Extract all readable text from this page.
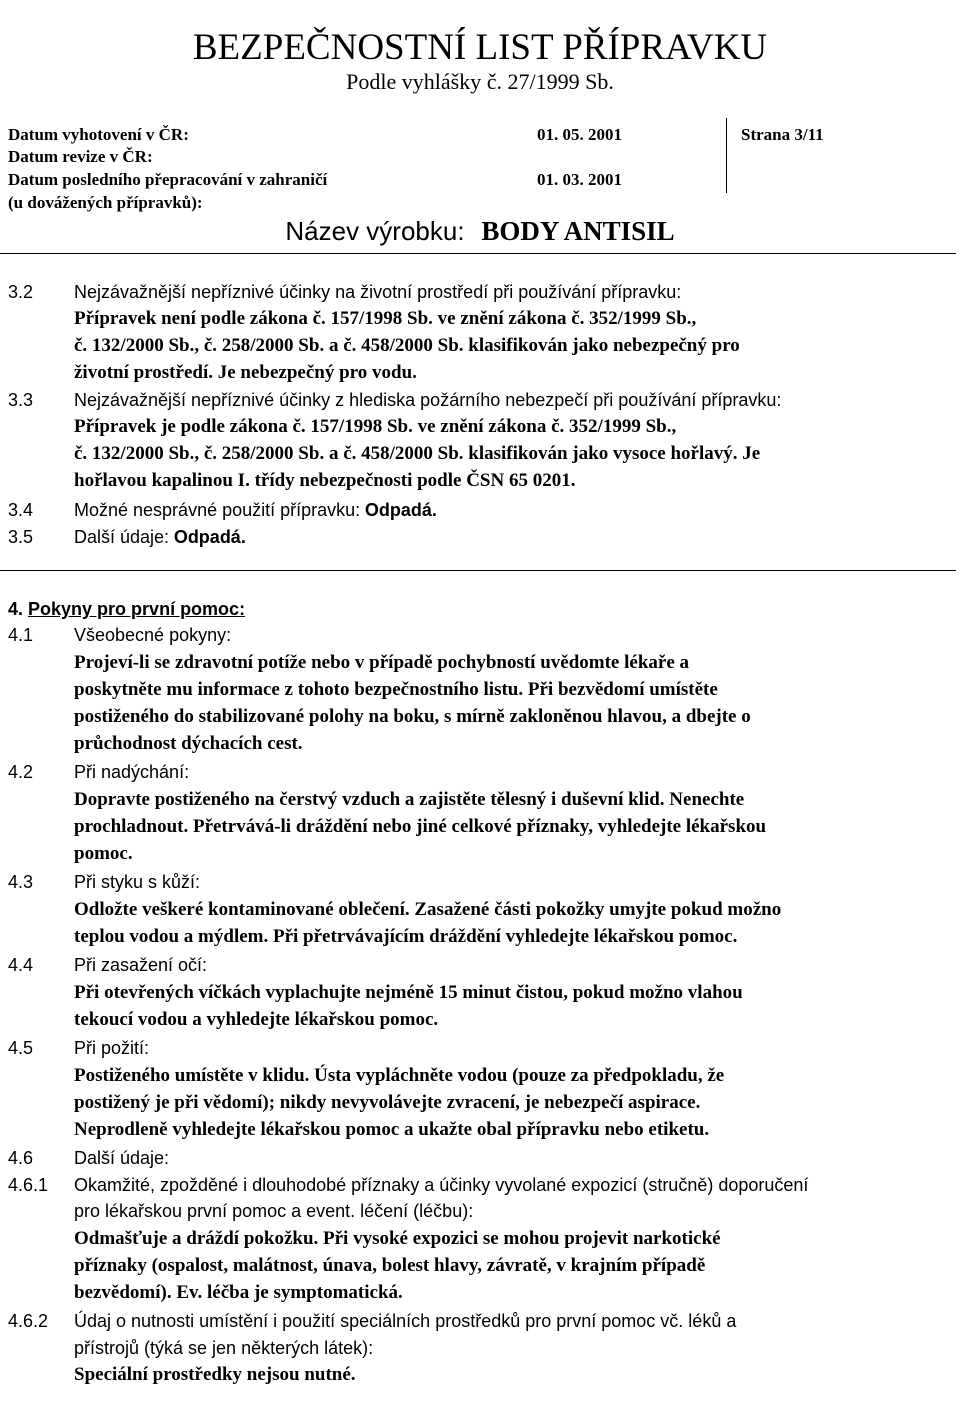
BEZPEČNOSTNÍ LIST PŘÍPRAVKU
Podle vyhlášky č. 27/1999 Sb.
Datum vyhotovení v ČR:	01. 05. 2001	Strana 3/11
Datum revize v ČR:
Datum posledního přepracování v zahraničí	01. 03. 2001
(u dovážených přípravků):
Název výrobku: BODY ANTISIL
3.2 Nejzávažnější nepříznivé účinky na životní prostředí při používání přípravku:
Přípravek není podle zákona č. 157/1998 Sb. ve znění zákona č. 352/1999 Sb.,
č. 132/2000 Sb., č. 258/2000 Sb. a č. 458/2000 Sb. klasifikován jako nebezpečný pro
životní prostředí. Je nebezpečný pro vodu.
3.3 Nejzávažnější nepříznivé účinky z hlediska požárního nebezpečí při používání přípravku:
Přípravek je podle zákona č. 157/1998 Sb. ve znění zákona č. 352/1999 Sb.,
č. 132/2000 Sb., č. 258/2000 Sb. a č. 458/2000 Sb. klasifikován jako vysoce hořlavý. Je
hořlavou kapalinou I. třídy nebezpečnosti podle ČSN 65 0201.
3.4 Možné nesprávné použití přípravku: Odpadá.
3.5 Další údaje: Odpadá.
4. Pokyny pro první pomoc:
4.1 Všeobecné pokyny:
Projeví-li se zdravotní potíže nebo v případě pochybností uvědomte lékaře a
poskytněte mu informace z tohoto bezpečnostního listu. Při bezvědomí umístěte
postiženého do stabilizované polohy na boku, s mírně zakloněnou hlavou, a dbejte o
průchodnost dýchacích cest.
4.2 Při nadýchání:
Dopravte postiženého na čerstvý vzduch a zajistěte tělesný i duševní klid. Nenechte
prochladnout. Přetrvává-li dráždění nebo jiné celkové příznaky, vyhledejte lékařskou
pomoc.
4.3 Při styku s kůží:
Odložte veškeré kontaminované oblečení. Zasažené části pokožky umyjte pokud možno
teplou vodou a mýdlem. Při přetrvávajícím dráždění vyhledejte lékařskou pomoc.
4.4 Při zasažení očí:
Při otevřených víčkách vyplachujte nejméně 15 minut čistou, pokud možno vlahou
tekoucí vodou a vyhledejte lékařskou pomoc.
4.5 Při požití:
Postiženého umístěte v klidu. Ústa vypláchněte vodou (pouze za předpokladu, že
postižený je při vědomí); nikdy nevyvolávejte zvracení, je nebezpečí aspirace.
Neprodleně vyhledejte lékařskou pomoc a ukažte obal přípravku nebo etiketu.
4.6 Další údaje:
4.6.1 Okamžité, zpožděné i dlouhodobé příznaky a účinky vyvolané expozicí (stručně) doporučení
pro lékařskou první pomoc a event. léčení (léčbu):
Odmašťuje a dráždí pokožku. Při vysoké expozici se mohou projevit narkotické
příznaky (ospalost, malátnost, únava, bolest hlavy, závratě, v krajním případě
bezvědomí). Ev. léčba je symptomatická.
4.6.2 Údaj o nutnosti umístění i použití speciálních prostředků pro první pomoc vč. léků a
přístrojů (týká se jen některých látek):
Speciální prostředky nejsou nutné.
